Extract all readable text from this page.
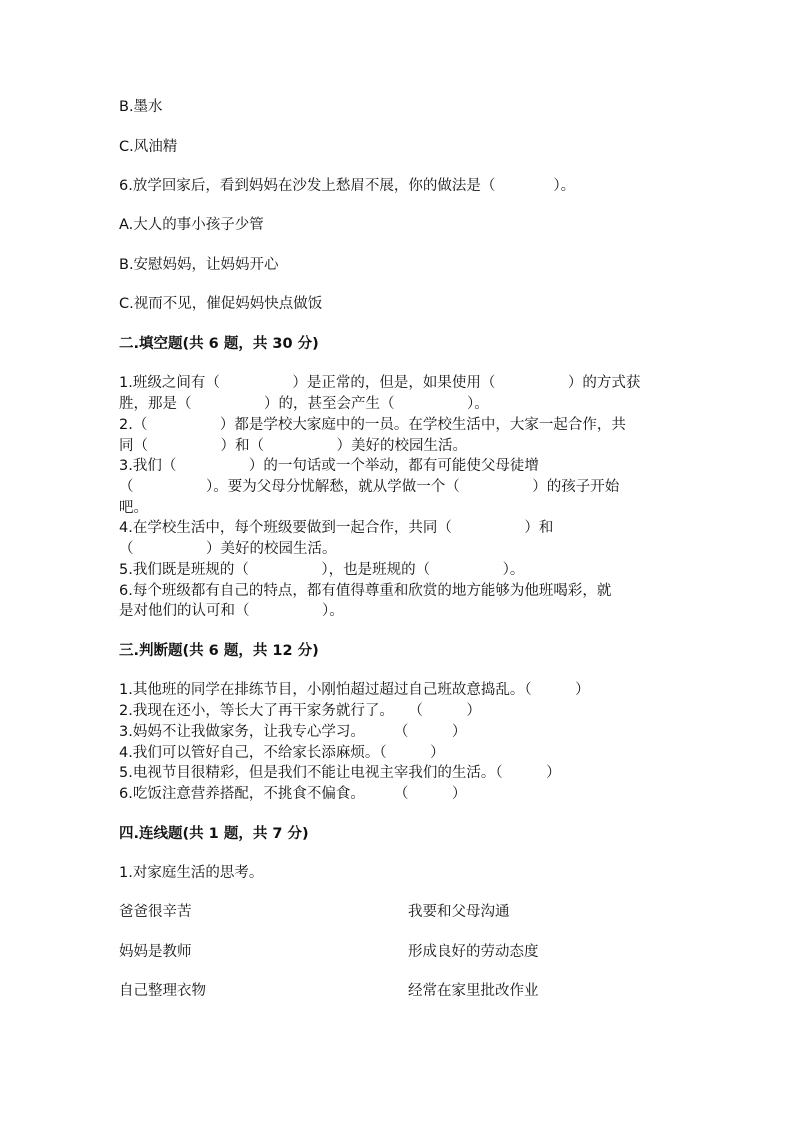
B.墨水
C.风油精
6.放学回家后，看到妈妈在沙发上愁眉不展，你的做法是（　　　　）。
A.大人的事小孩子少管
B.安慰妈妈，让妈妈开心
C.视而不见，催促妈妈快点做饭
二.填空题(共 6 题，共 30 分)
1.班级之间有（　　　　　）是正常的，但是，如果使用（　　　　　）的方式获
胜，那是（　　　　　）的，甚至会产生（　　　　　）。
2.（　　　　　）都是学校大家庭中的一员。在学校生活中，大家一起合作，共
同（　　　　　）和（　　　　　）美好的校园生活。
3.我们（　　　　　）的一句话或一个举动，都有可能使父母徒增
（　　　　　）。要为父母分忧解愁，就从学做一个（　　　　　）的孩子开始
吧。
4.在学校生活中，每个班级要做到一起合作，共同（　　　　　）和
（　　　　　）美好的校园生活。
5.我们既是班规的（　　　　　），也是班规的（　　　　　）。
6.每个班级都有自己的特点，都有值得尊重和欣赏的地方能够为他班喝彩，就
是对他们的认可和（　　　　　）。
三.判断题(共 6 题，共 12 分)
1.其他班的同学在排练节目，小刚怕超过超过自己班故意捣乱。（　　　）
2.我现在还小，等长大了再干家务就行了。　　（　　　）
3.妈妈不让我做家务，让我专心学习。　　　（　　　）
4.我们可以管好自己，不给家长添麻烦。（　　　）
5.电视节目很精彩，但是我们不能让电视主宰我们的生活。（　　　）
6.吃饭注意营养搭配，不挑食不偏食。　　　（　　　）
四.连线题(共 1 题，共 7 分)
1.对家庭生活的思考。
爸爸很辛苦	我要和父母沟通
妈妈是教师	形成良好的劳动态度
自己整理衣物	经常在家里批改作业
